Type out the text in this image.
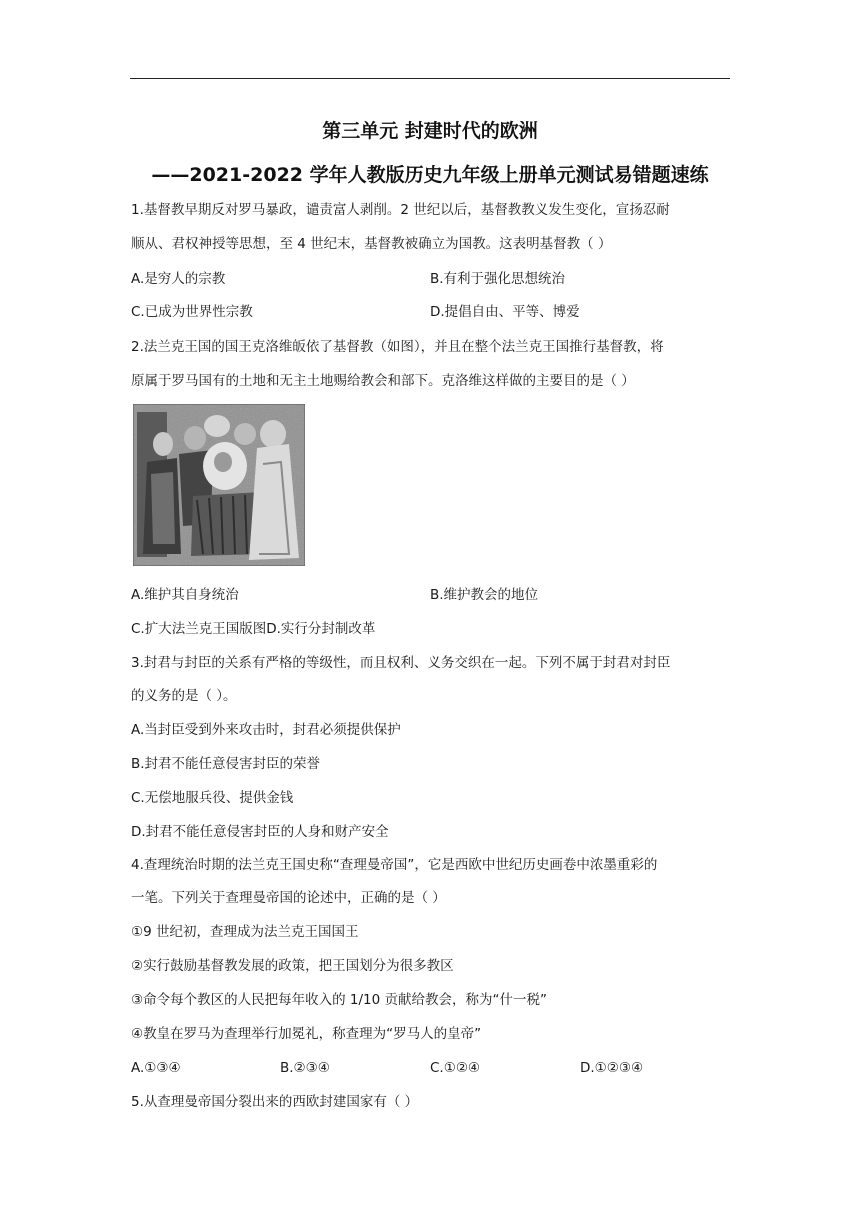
第三单元 封建时代的欧洲
——2021-2022 学年人教版历史九年级上册单元测试易错题速练
1.基督教早期反对罗马暴政，谴责富人剥削。2 世纪以后，基督教教义发生变化，宣扬忍耐
顺从、君权神授等思想，至 4 世纪末，基督教被确立为国教。这表明基督教（ ）
A.是穷人的宗教	B.有利于强化思想统治
C.已成为世界性宗教	D.提倡自由、平等、博爱
2.法兰克王国的国王克洛维皈依了基督教（如图），并且在整个法兰克王国推行基督教，将
原属于罗马国有的土地和无主土地赐给教会和部下。克洛维这样做的主要目的是（ ）
A.维护其自身统治	B.维护教会的地位
C.扩大法兰克王国版图D.实行分封制改革
3.封君与封臣的关系有严格的等级性，而且权利、义务交织在一起。下列不属于封君对封臣
的义务的是（ ）。
A.当封臣受到外来攻击时，封君必须提供保护
B.封君不能任意侵害封臣的荣誉
C.无偿地服兵役、提供金钱
D.封君不能任意侵害封臣的人身和财产安全
4.查理统治时期的法兰克王国史称“查理曼帝国”，它是西欧中世纪历史画卷中浓墨重彩的
一笔。下列关于查理曼帝国的论述中，正确的是（ ）
①9 世纪初，查理成为法兰克王国国王
②实行鼓励基督教发展的政策，把王国划分为很多教区
③命令每个教区的人民把每年收入的 1/10 贡献给教会，称为“什一税”
④教皇在罗马为查理举行加冕礼，称查理为“罗马人的皇帝”
A.①③④	B.②③④	C.①②④	D.①②③④
5.从查理曼帝国分裂出来的西欧封建国家有（ ）
